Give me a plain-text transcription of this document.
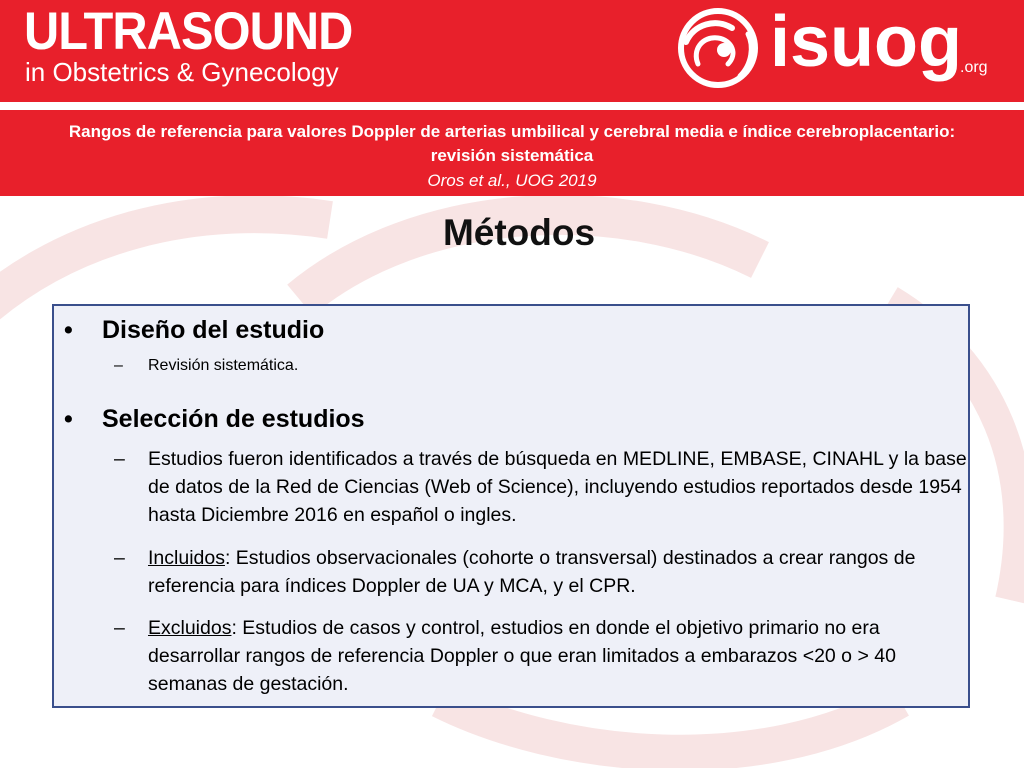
ULTRASOUND
in Obstetrics & Gynecology	isuog
.org
Rangos de referencia para valores Doppler de arterias umbilical y cerebral media e índice cerebroplacentario: revisión sistemática
Oros et al., UOG 2019
Métodos
• Diseño del estudio
– Revisión sistemática.
• Selección de estudios
– Estudios fueron identificados a través de búsqueda en MEDLINE, EMBASE, CINAHL y la base de datos de la Red de Ciencias (Web of Science), incluyendo estudios reportados desde 1954 hasta Diciembre 2016 en español o ingles.
– Incluidos: Estudios observacionales (cohorte o transversal) destinados a crear rangos de referencia para índices Doppler de UA y MCA, y el CPR.
– Excluidos: Estudios de casos y control, estudios en donde el objetivo primario no era desarrollar rangos de referencia Doppler o que eran limitados a embarazos <20 o > 40 semanas de gestación.
